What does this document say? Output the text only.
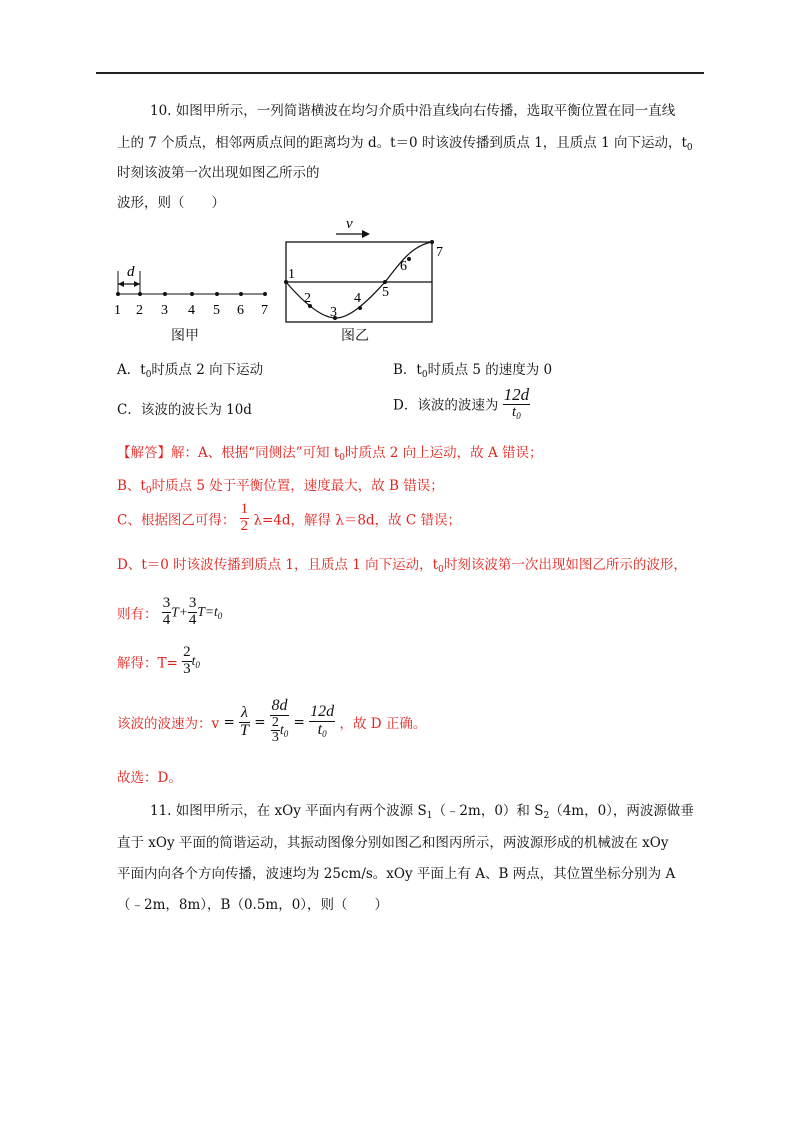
10. 如图甲所示，一列简谐横波在均匀介质中沿直线向右传播，选取平衡位置在同一直线
上的 7 个质点，相邻两质点间的距离均为 d。t＝0 时该波传播到质点 1，且质点 1 向下运动，$t_0$
时刻该波第一次出现如图乙所示的
波形，则（　　）
d
1 2 3 4 5 6 7
图甲
v
1
2
3
4 5
6
7
图乙
A．$t_0$时质点 2 向下运动	B．$t_0$时质点 5 的速度为 0
C．该波的波长为 10d	D．该波的波速为 $\frac{12d}{t_0}$
【解答】解：A、根据“同侧法”可知 $t_0$时质点 2 向上运动，故 A 错误；
B、$t_0$时质点 5 处于平衡位置，速度最大，故 B 错误；
C、根据图乙可得： $\frac{1}{2} \lambda=4d$，解得 λ＝8d，故 C 错误；
D、t＝0 时该波传播到质点 1，且质点 1 向下运动，$t_0$时刻该波第一次出现如图乙所示的波形，
则有： $\frac{3}{4} T+ \frac{3}{4} T=t_0$
解得：$T= \frac{2}{3} t_0$
该波的波速为：$v = \frac{\lambda}{T} = \frac{8d}{\frac{2}{3} t_0} = \frac{12d}{t_0}$ ，故 D 正确。
故选：D。
11. 如图甲所示，在 xOy 平面内有两个波源 $S_1(﹣2m$，0）和 $S_2(4m$，0），两波源做垂
直于 xOy 平面的简谐运动，其振动图像分别如图乙和图丙所示，两波源形成的机械波在 xOy
平面内向各个方向传播，波速均为 25cm/s。xOy 平面上有 A、B 两点，其位置坐标分别为 A
（﹣2m，8m），B（0.5m，0），则（　　）
